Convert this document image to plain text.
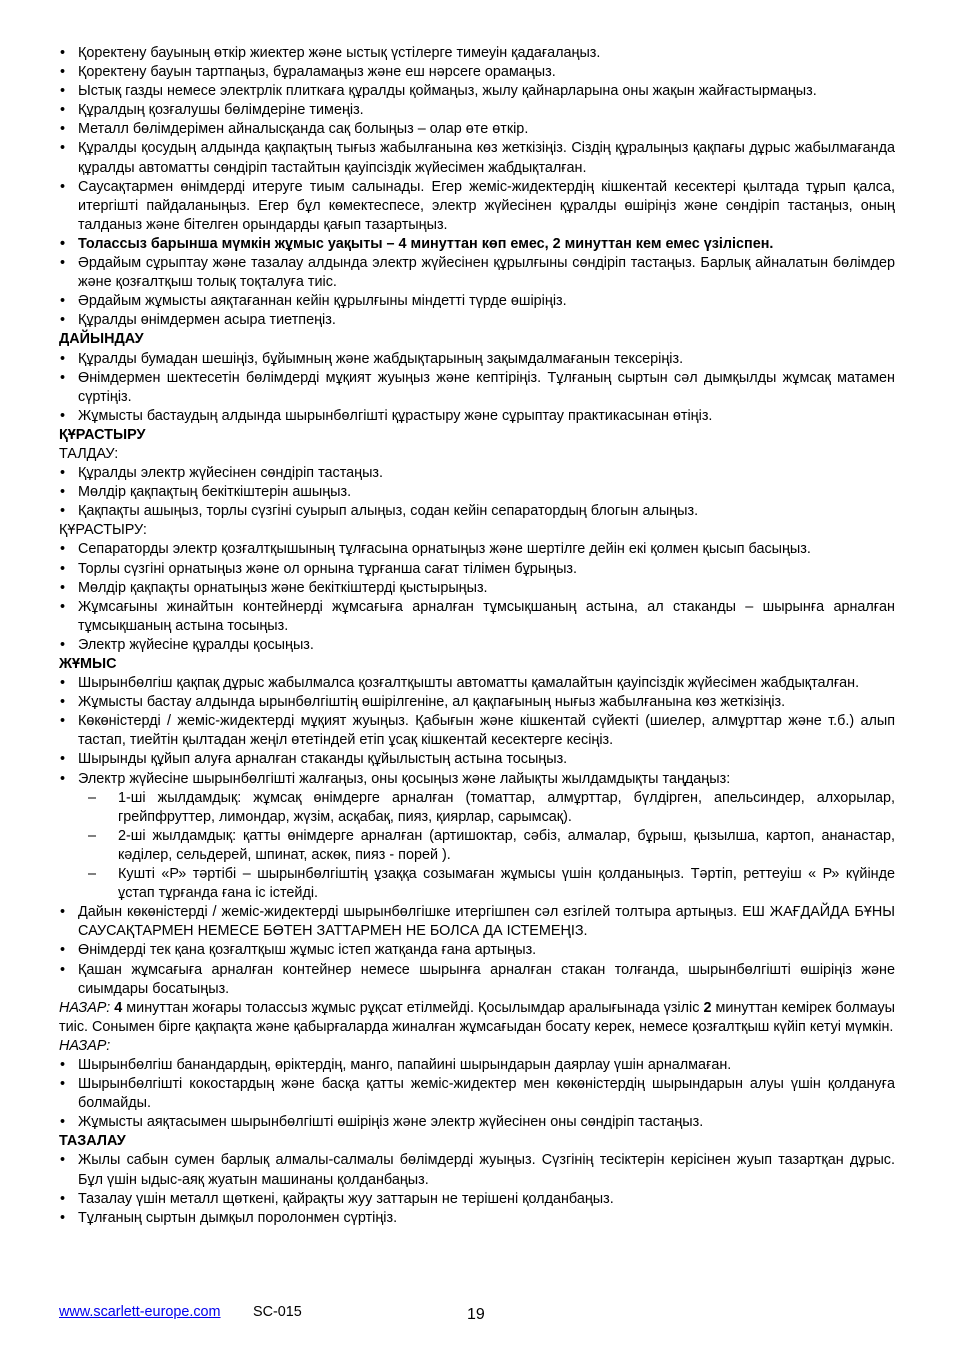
• Қоректену бауының өткір жиектер және ыстық үстілерге тимеуін қадағалаңыз.
• Қоректену бауын тартпаңыз, бұраламаңыз және еш нәрсеге орамаңыз.
• Ыстық газды немесе электрлік плиткаға құралды қоймаңыз, жылу қайнарларына оны жақын жайғастырмаңыз.
• Құралдың қозғалушы бөлімдеріне тимеңіз.
• Металл бөлімдерімен айналысқанда сақ болыңыз – олар өте өткір.
• Құралды қосудың алдында қақпақтың тығыз жабылғанына көз жеткізіңіз. Сіздің құралыңыз қақпағы дұрыс жабылмағанда құралды автоматты сөндіріп тастайтын қауіпсіздік жүйесімен жабдықталған.
• Саусақтармен өнімдерді итеруге тиым салынады. Егер жеміс-жидектердің кішкентай кесектері қылтада тұрып қалса, итергішті пайдаланыңыз. Егер бұл көмектеспесе, электр жүйесінен құралды өшіріңіз және сөндіріп тастаңыз, оның талданыз және бітелген орындарды қағып тазартыңыз.
• Толассыз барынша мүмкін жұмыс уақыты – 4 минуттан көп емес, 2 минуттан кем емес үзіліспен.
• Әрдайым сұрыптау және тазалау алдында электр жүйесінен құрылғыны сөндіріп тастаңыз. Барлық айналатын бөлімдер және қозғалтқыш толық тоқталуға тиіс.
• Әрдайым жұмысты аяқтағаннан кейін құрылғыны міндетті түрде өшіріңіз.
• Құралды өнімдермен асыра тиетпеңіз.
ДАЙЫНДАУ
• Құралды бумадан шешіңіз, бұйымның және жабдықтарының зақымдалмағанын тексеріңіз.
• Өнімдермен шектесетін бөлімдерді мұқият жуыңыз және кептіріңіз. Тұлғаның сыртын сәл дымқылды жұмсақ матамен сүртіңіз.
• Жұмысты бастаудың алдында шырынбөлгішті құрастыру және сұрыптау практикасынан өтіңіз.
ҚҰРАСТЫРУ
ТАЛДАУ:
• Құралды электр жүйесінен сөндіріп тастаңыз.
• Мөлдір қақпақтың бекіткіштерін ашыңыз.
• Қақпақты ашыңыз, торлы сүзгіні суырып алыңыз, содан кейін сепаратордың блогын алыңыз.
ҚҰРАСТЫРУ:
• Сепараторды электр қозғалтқышының тұлғасына орнатыңыз және шертілге дейін екі қолмен қысып басыңыз.
• Торлы сүзгіні орнатыңыз және ол орнына тұрғанша сағат тілімен бұрыңыз.
• Мөлдір қақпақты орнатыңыз және бекіткіштерді қыстырыңыз.
• Жұмсағыны жинайтын контейнерді жұмсағыға арналған тұмсықшаның астына, ал стаканды – шырынға арналған тұмсықшаның астына тосыңыз.
• Электр жүйесіне құралды қосыңыз.
ЖҰМЫС
• Шырынбөлгіш қақпақ дұрыс жабылмалса қозғалтқышты автоматты қамалайтын қауіпсіздік жүйесімен жабдықталған.
• Жұмысты бастау алдында ырынбөлгіштің өшірілгеніне, ал қақпағының нығыз жабылғанына көз жеткізіңіз.
• Көкөністерді / жеміс-жидектерді мұқият жуыңыз. Қабығын және кішкентай сүйекті (шиелер, алмұрттар және т.б.) алып тастап, тиейтін қылтадан жеңіл өтетіндей етіп ұсақ кішкентай кесектерге кесіңіз.
• Шырынды құйып алуға арналған стаканды құйылыстың астына тосыңыз.
• Электр жүйесіне шырынбөлгішті жалғаңыз, оны қосыңыз және лайықты жылдамдықты таңдаңыз:
– 1-ші жылдамдық: жұмсақ өнімдерге арналған (томаттар, алмұрттар, бүлдірген, апельсиндер, алхорылар, грейпфруттер, лимондар, жүзім, асқабақ, пияз, қиярлар, сарымсақ).
– 2-ші жылдамдық: қатты өнімдерге арналған (артишоктар, сәбіз, алмалар, бұрыш, қызылша, картоп, ананастар, кәділер, сельдерей, шпинат, аскөк, пияз - порей ).
– Кушті «Р» тәртібі – шырынбөлгіштің ұзаққа созымаған жұмысы үшін қолданыңыз. Тәртіп, реттеуіш « Р» күйінде ұстап тұрғанда ғана іс істейді.
• Дайын көкөністерді / жеміс-жидектерді шырынбөлгішке итергішпен сәл езгілей толтыра артыңыз. ЕШ ЖАҒДАЙДА БҰНЫ САУСАҚТАРМЕН НЕМЕСЕ БӨТЕН ЗАТТАРМЕН НЕ БОЛСА ДА ІСТЕМЕҢІЗ.
• Өнімдерді тек қана қозғалтқыш жұмыс істеп жатқанда ғана артыңыз.
• Қашан жұмсағыға арналған контейнер немесе шырынға арналған стакан толғанда, шырынбөлгішті өшіріңіз және сиымдары босатыңыз.
НАЗАР: 4 минуттан жоғары толассыз жұмыс рұқсат етілмейді. Қосылымдар аралығынада үзіліс 2 минуттан кемірек болмауы тиіс. Сонымен бірге қақпақта және қабырғаларда жиналған жұмсағыдан босату керек, немесе қозғалтқыш күйіп кетуі мүмкін.
НАЗАР:
• Шырынбөлгіш банандардың, өріктердің, манго, папайині шырындарын даярлау үшін арналмаған.
• Шырынбөлгішті кокостардың және басқа қатты жеміс-жидектер мен көкөністердің шырындарын алуы үшін қолдануға болмайды.
• Жұмысты аяқтасымен шырынбөлгішті өшіріңіз және электр жүйесінен оны сөндіріп тастаңыз.
ТАЗАЛАУ
• Жылы сабын сумен барлық алмалы-салмалы бөлімдерді жуыңыз. Сүзгінің тесіктерін керісінен жуып тазартқан дұрыс. Бұл үшін ыдыс-аяқ жуатын машинаны қолданбаңыз.
• Тазалау үшін металл щөткені, қайрақты жуу заттарын не терішені қолданбаңыз.
• Тұлғаның сыртын дымқыл поролонмен сүртіңіз.
www.scarlett-europe.com SC-015	19
